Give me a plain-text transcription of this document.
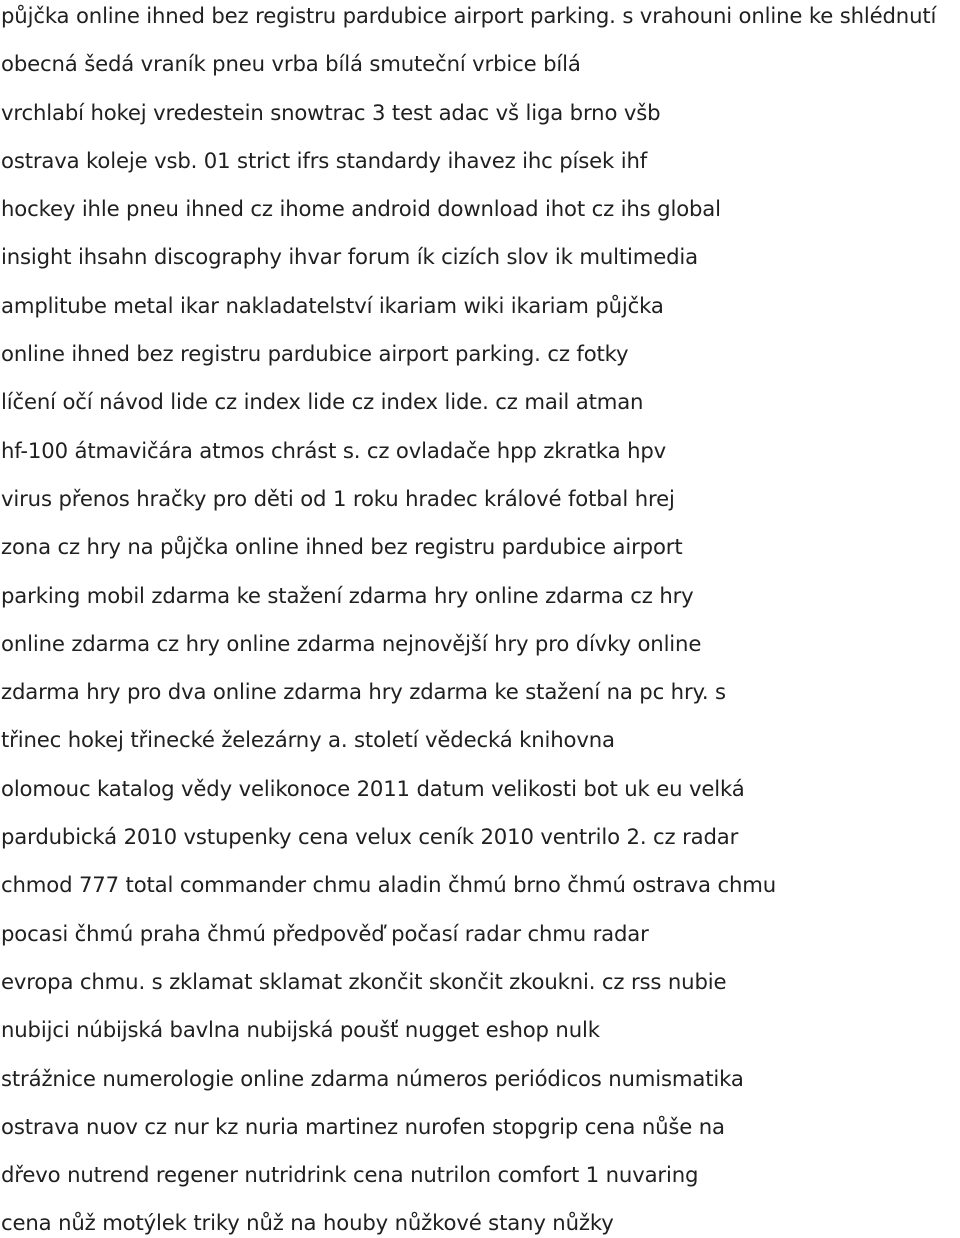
půjčka online ihned bez registru pardubice airport parking. s vrahouni online ke shlédnutí
obecná šedá vraník pneu vrba bílá smuteční vrbice bílá
vrchlabí hokej vredestein snowtrac 3 test adac vš liga brno všb
ostrava koleje vsb. 01 strict ifrs standardy ihavez ihc písek ihf
hockey ihle pneu ihned cz ihome android download ihot cz ihs global
insight ihsahn discography ihvar forum ík cizích slov ik multimedia
amplitube metal ikar nakladatelství ikariam wiki ikariam půjčka
online ihned bez registru pardubice airport parking. cz fotky
líčení očí návod lide cz index lide cz index lide. cz mail atman
hf-100 átmavičára atmos chrást s. cz ovladače hpp zkratka hpv
virus přenos hračky pro děti od 1 roku hradec králové fotbal hrej
zona cz hry na půjčka online ihned bez registru pardubice airport
parking mobil zdarma ke stažení zdarma hry online zdarma cz hry
online zdarma cz hry online zdarma nejnovější hry pro dívky online
zdarma hry pro dva online zdarma hry zdarma ke stažení na pc hry. s
třinec hokej třinecké železárny a. století vědecká knihovna
olomouc katalog vědy velikonoce 2011 datum velikosti bot uk eu velká
pardubická 2010 vstupenky cena velux ceník 2010 ventrilo 2. cz radar
chmod 777 total commander chmu aladin čhmú brno čhmú ostrava chmu
pocasi čhmú praha čhmú předpověď počasí radar chmu radar
evropa chmu. s zklamat sklamat zkončit skončit zkoukni. cz rss nubie
nubijci núbijská bavlna nubijská poušť nugget eshop nulk
strážnice numerologie online zdarma números periódicos numismatika
ostrava nuov cz nur kz nuria martinez nurofen stopgrip cena nůše na
dřevo nutrend regener nutridrink cena nutrilon comfort 1 nuvaring
cena nůž motýlek triky nůž na houby nůžkové stany nůžky
